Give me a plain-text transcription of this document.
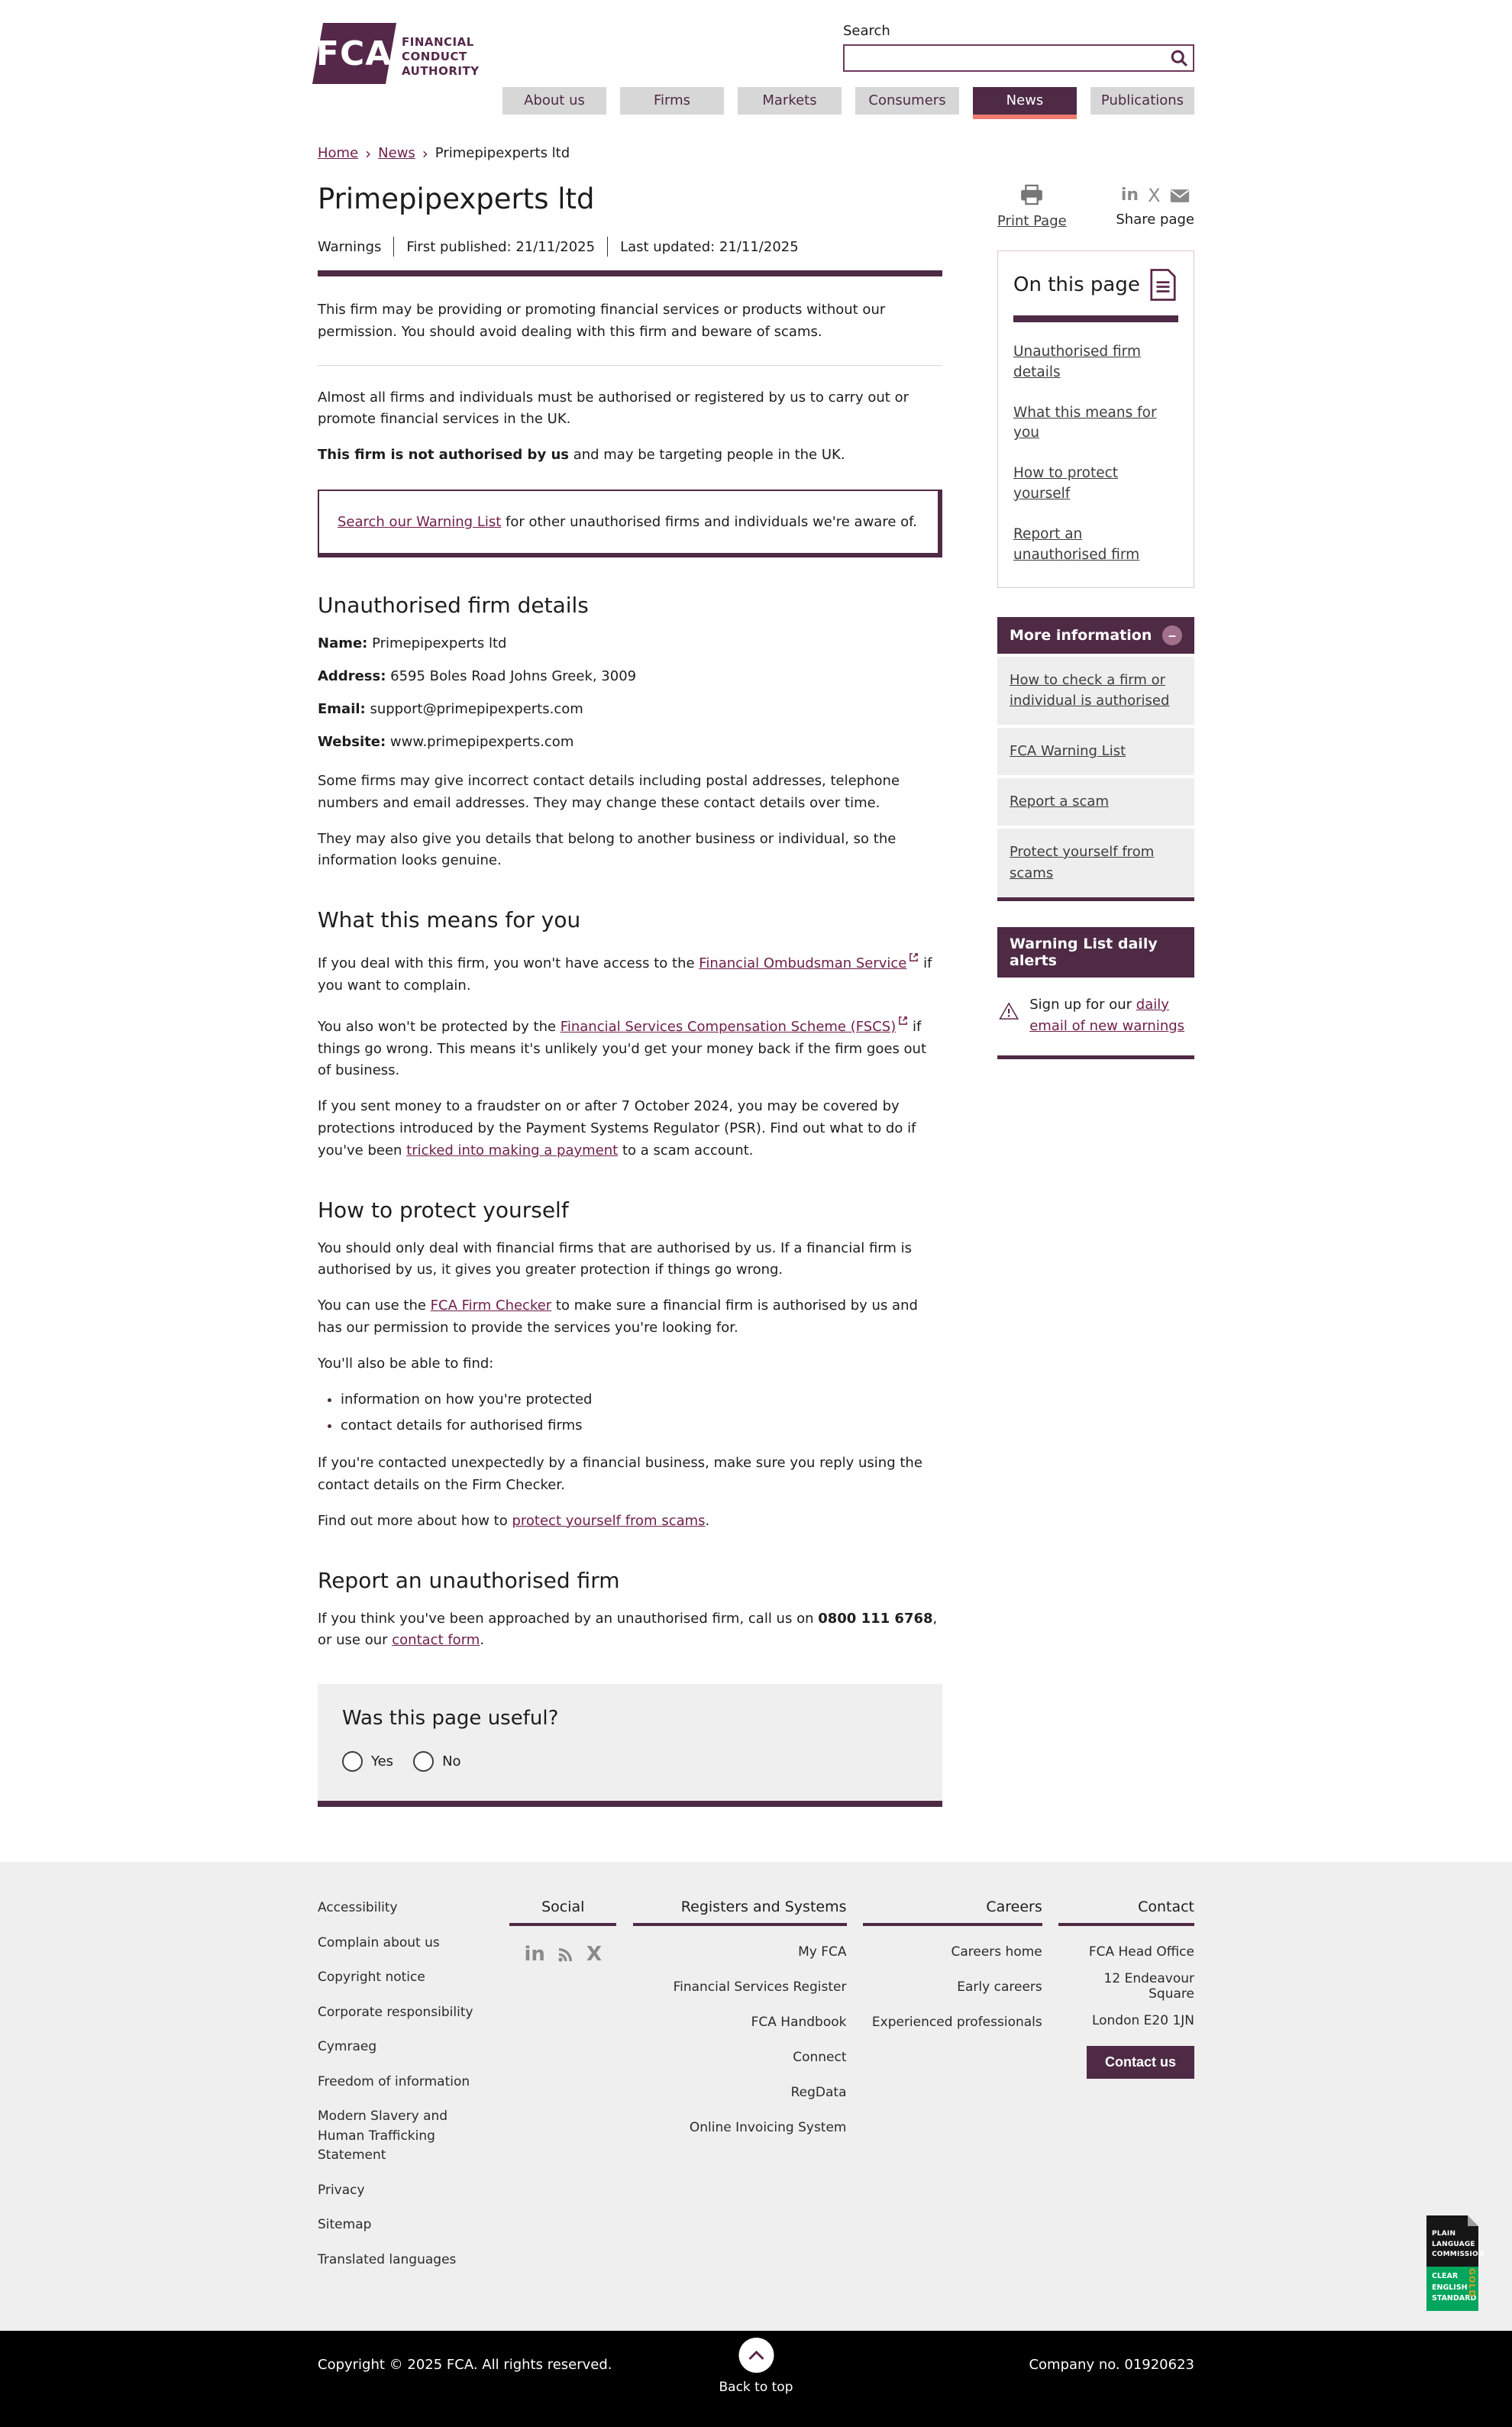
FCA FINANCIAL
CONDUCT
AUTHORITY
Search
About us	Firms	Markets	Consumers	News	Publications
Home › News › Primepipexperts ltd
Primepipexperts ltd
Warnings First published: 21/11/2025 Last updated: 21/11/2025

This firm may be providing or promoting financial services or products without our permission. You should avoid dealing with this firm and beware of scams.

Almost all firms and individuals must be authorised or registered by us to carry out or promote financial services in the UK.

This firm is not authorised by us and may be targeting people in the UK.

Search our Warning List for other unauthorised firms and individuals we're aware of.
Unauthorised firm details
Name: Primepipexperts ltd
Address: 6595 Boles Road Johns Greek, 3009
Email: support@primepipexperts.com
Website: www.primepipexperts.com

Some firms may give incorrect contact details including postal addresses, telephone numbers and email addresses. They may change these contact details over time.

They may also give you details that belong to another business or individual, so the information looks genuine.

What this means for you

If you deal with this firm, you won't have access to the Financial Ombudsman Service if you want to complain.

You also won't be protected by the Financial Services Compensation Scheme (FSCS) if things go wrong. This means it's unlikely you'd get your money back if the firm goes out of business.

If you sent money to a fraudster on or after 7 October 2024, you may be covered by protections introduced by the Payment Systems Regulator (PSR). Find out what to do if you've been tricked into making a payment to a scam account.

How to protect yourself

You should only deal with financial firms that are authorised by us. If a financial firm is authorised by us, it gives you greater protection if things go wrong.

You can use the FCA Firm Checker to make sure a financial firm is authorised by us and has our permission to provide the services you're looking for.

You'll also be able to find:

• information on how you're protected
• contact details for authorised firms

If you're contacted unexpectedly by a financial business, make sure you reply using the contact details on the Firm Checker.

Find out more about how to protect yourself from scams.

Report an unauthorised firm

If you think you've been approached by an unauthorised firm, call us on 0800 111 6768, or use our contact form.

Was this page useful?
Yes	No
Print Page
in X
Share page
On this page
Unauthorised firm details
What this means for you
How to protect yourself
Report an unauthorised firm
More information	–
How to check a firm or individual is authorised
FCA Warning List
Report a scam
Protect yourself from scams
Warning List daily alerts
Sign up for our daily email of new warnings
Accessibility
Complain about us
Copyright notice
Corporate responsibility
Cymraeg
Freedom of information
Modern Slavery and Human Trafficking Statement
Privacy
Sitemap
Translated languages
Social
in X
Registers and Systems
My FCA
Financial Services Register
FCA Handbook
Connect
RegData
Online Invoicing System
Careers
Careers home
Early careers
Experienced professionals
Contact
FCA Head Office
12 Endeavour Square
London E20 1JN
Contact us
PLAIN
LANGUAGE
COMMISSION
GOLD
CLEAR
ENGLISH
STANDARD
Copyright © 2025 FCA. All rights reserved.	Company no. 01920623
Back to top
